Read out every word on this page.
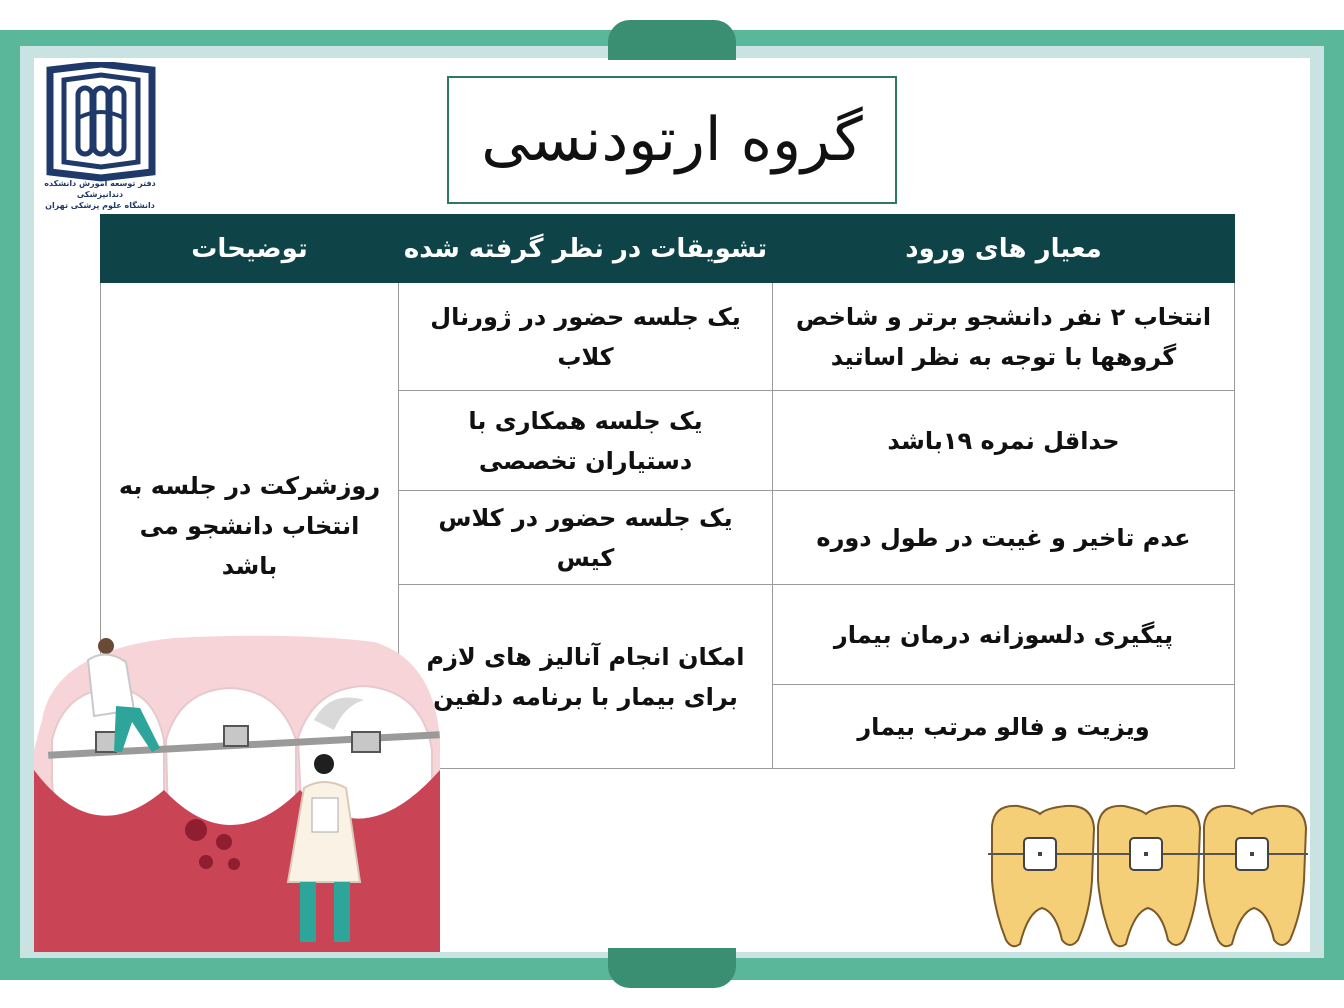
دفتر توسعه آموزش دانشکده دندانپزشکی
دانشگاه علوم پزشکی تهران
گروه ارتودنسی
معیار های ورود	تشویقات در نظر گرفته شده	توضیحات
انتخاب ۲ نفر دانشجو برتر و شاخص گروهها با توجه به نظر اساتید	یک جلسه حضور در ژورنال کلاب	روزشرکت در جلسه به انتخاب دانشجو می باشد
حداقل نمره ۱۹باشد	یک جلسه همکاری با دستیاران تخصصی	
عدم تاخیر و غیبت در طول دوره	یک جلسه حضور در کلاس کیس	
پیگیری دلسوزانه درمان بیمار	امکان انجام آنالیز های لازم برای بیمار با برنامه دلفین	
ویزیت و فالو مرتب بیمار		
